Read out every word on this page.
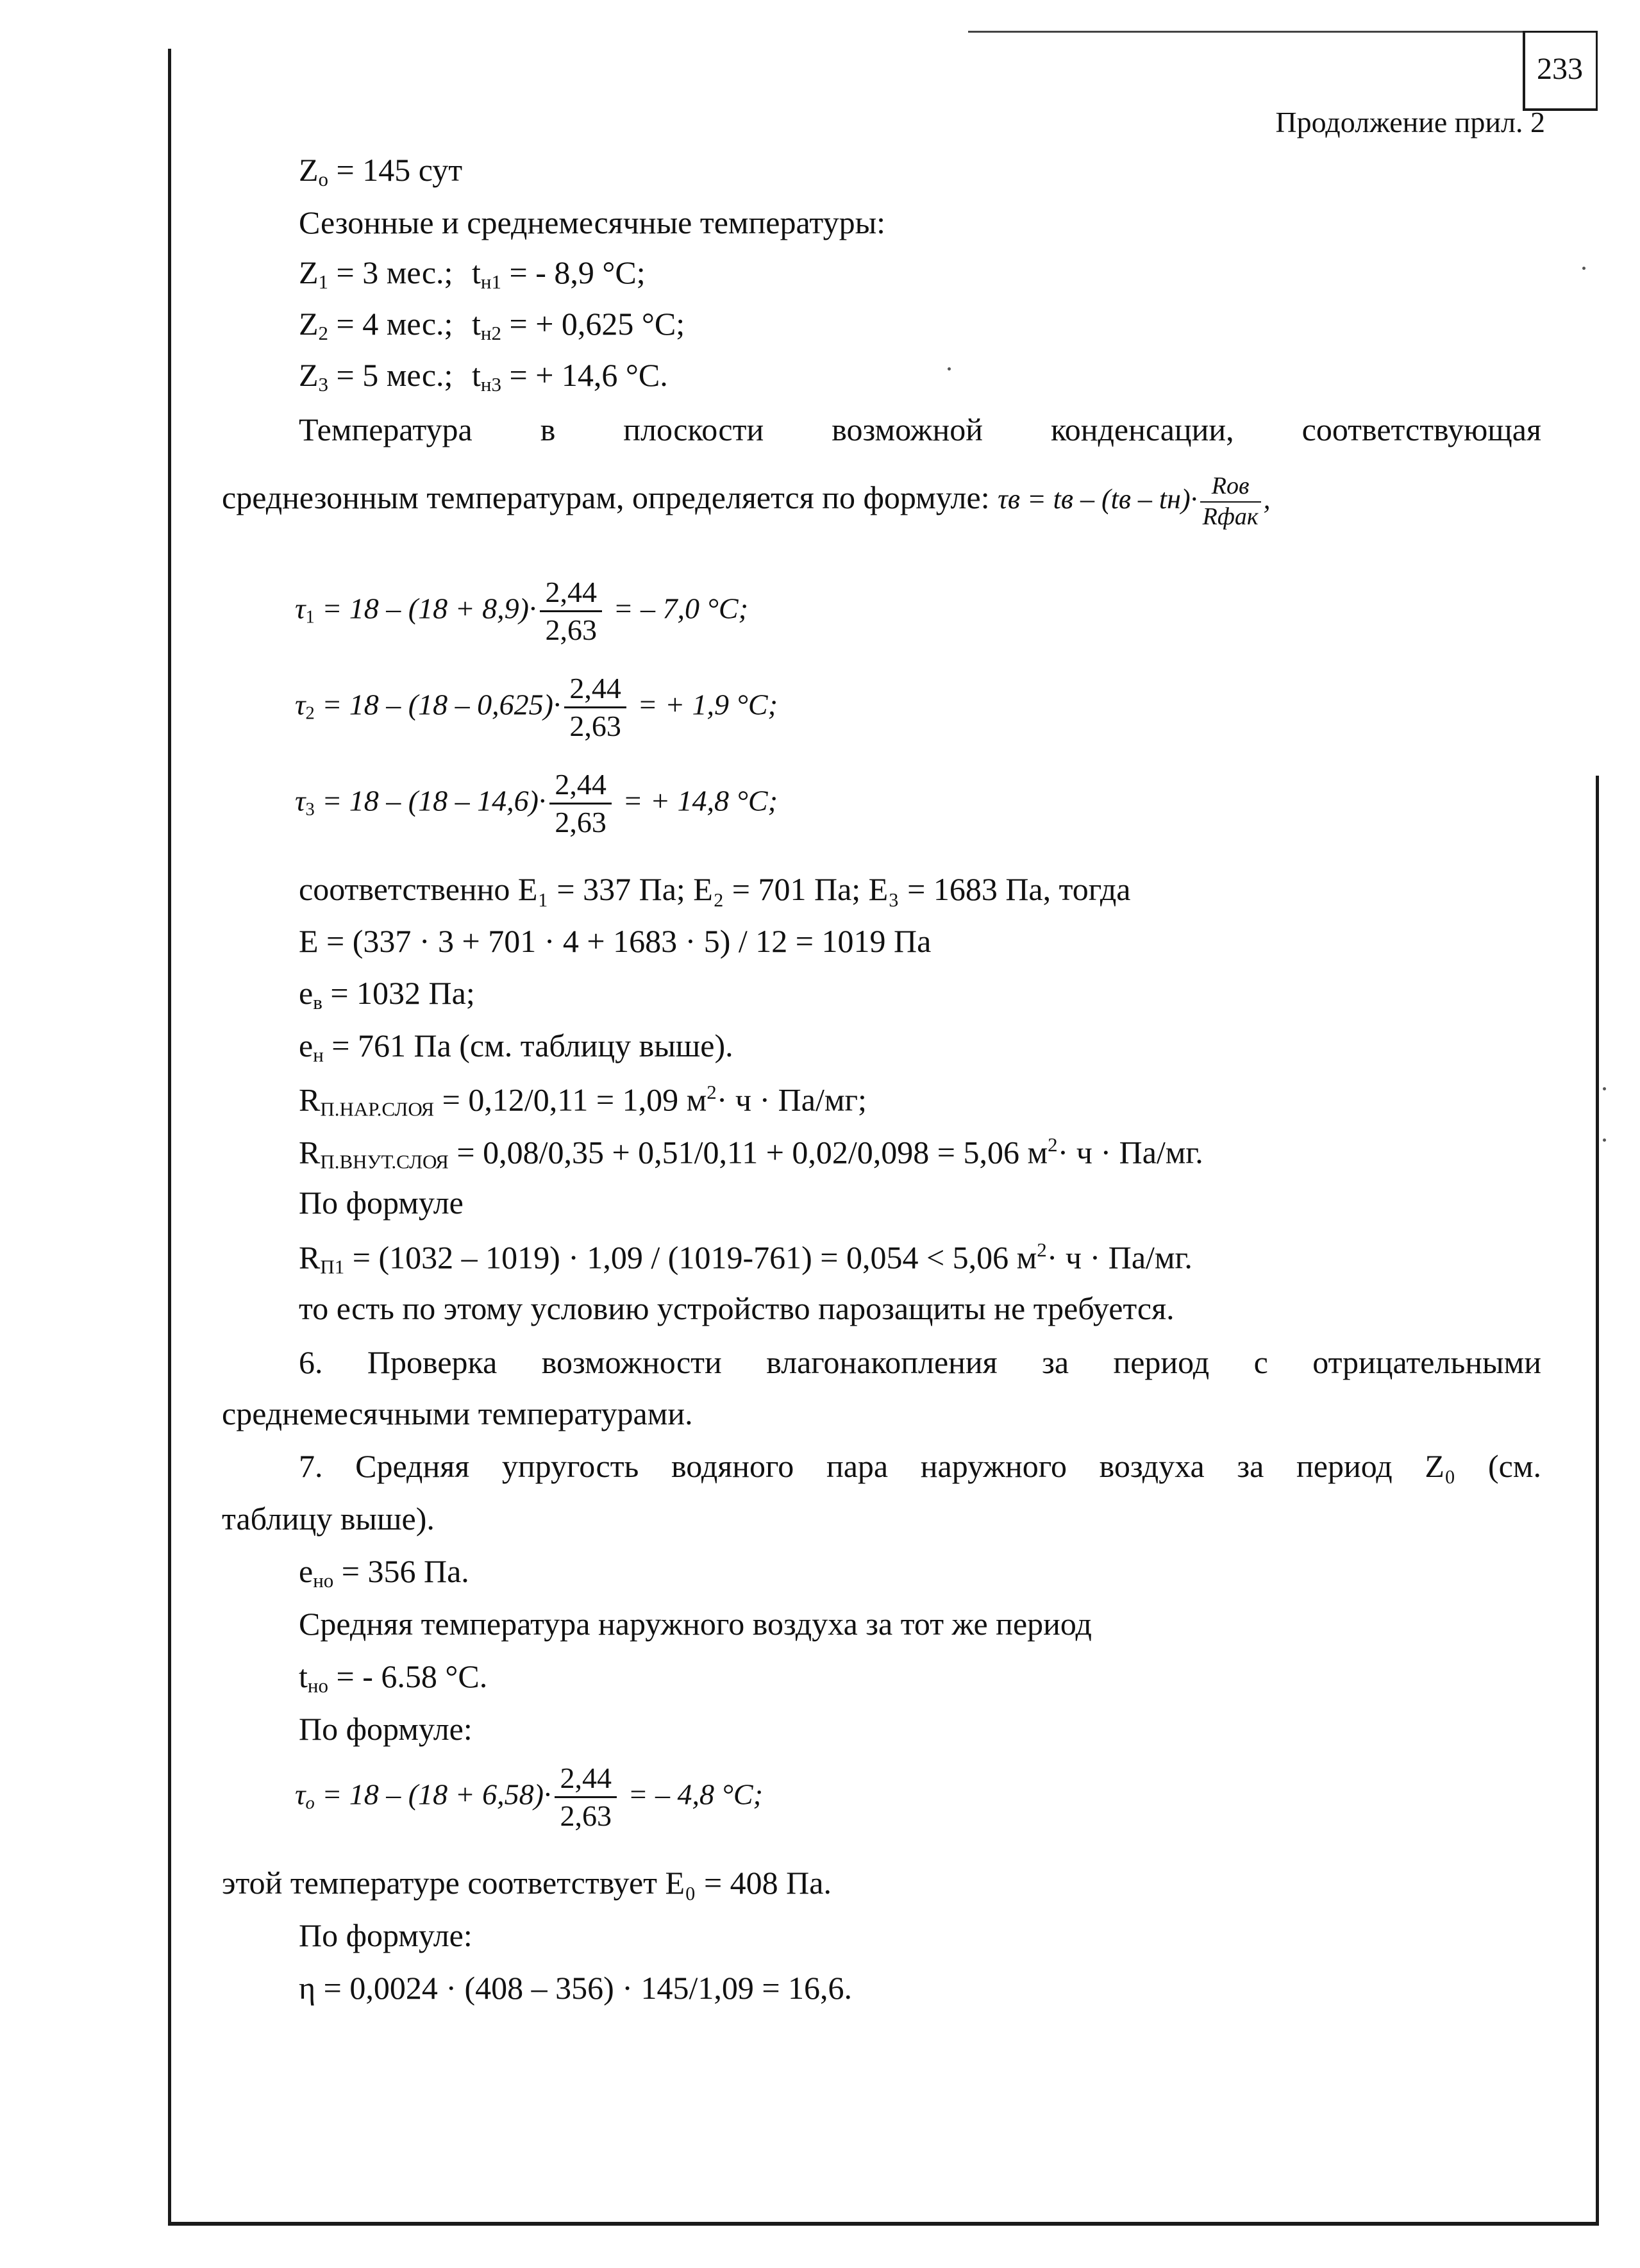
233
Продолжение прил. 2
$Z_o = 145$ сут
Сезонные и среднемесячные температуры:
$Z_1 = 3$ мес.; $t_{н1}$ = - 8,9 °С;
$Z_2 = 4$ мес.; $t_{н2}$ = + 0,625 °С;
$Z_3 = 5$ мес.; $t_{н3}$ = + 14,6 °С.
Температура в плоскости возможной конденсации, соответствующая
среднезонным температурам, определяется по формуле: τв = tв – $(tв - tн)\cdot \frac{\text{Rов}}{\text{Rфак}}$ ,
$\tau_1 = 18 - (18 + 8,9)\cdot \frac{2,44}{2,63}$ = – 7,0 °C;
$\tau_2 = 18 - (18 - 0,625)\cdot \frac{2,44}{2,63}$ = + 1,9 °C;
$\tau_3 = 18 - (18 - 14,6)\cdot \frac{2,44}{2,63}$ = + 14,8 °C;
соответственно E₁ = 337 Па; E₂ = 701 Па; E₃ = 1683 Па, тогда
Е = (337 · 3 + 701 · 4 + 1683 · 5) / 12 = 1019 Па
$e_в = 1032$ Па;
$e_н = 761$ Па (см. таблицу выше).
$R_{П.НАР.СЛОЯ} = 0,12/0,11 = 1,09$ $м^2\cdot ч \cdot Па/мг$;
$R_{П.ВНУТ.СЛОЯ} = 0,08/0,35 + 0,51/0,11 + 0,02/0,098 = 5,06$ $м^2\cdot ч \cdot Па/мг$.
По формуле
$R_{П1} = (1032 - 1019) \cdot 1,09 / (1019-761) = 0,054 < 5,06$ $м^2\cdot ч \cdot Па/мг$.
то есть по этому условию устройство парозащиты не требуется.
6. Проверка возможности влагонакопления за период с отрицательными
среднемесячными температурами.
7. Средняя упругость водяного пара наружного воздуха за период Z₀ (см.
таблицу выше).
$e_{но} = 356$ Па.
Средняя температура наружного воздуха за тот же период
$t_{но}$ = - 6.58 °С.
По формуле:
$\tau_o = 18 - (18 + 6,58)\cdot \frac{2,44}{2,63}$ = – 4,8 °C;
этой температуре соответствует E₀ = 408 Па.
По формуле:
η = 0,0024 · (408 – 356) · 145/1,09 = 16,6.
